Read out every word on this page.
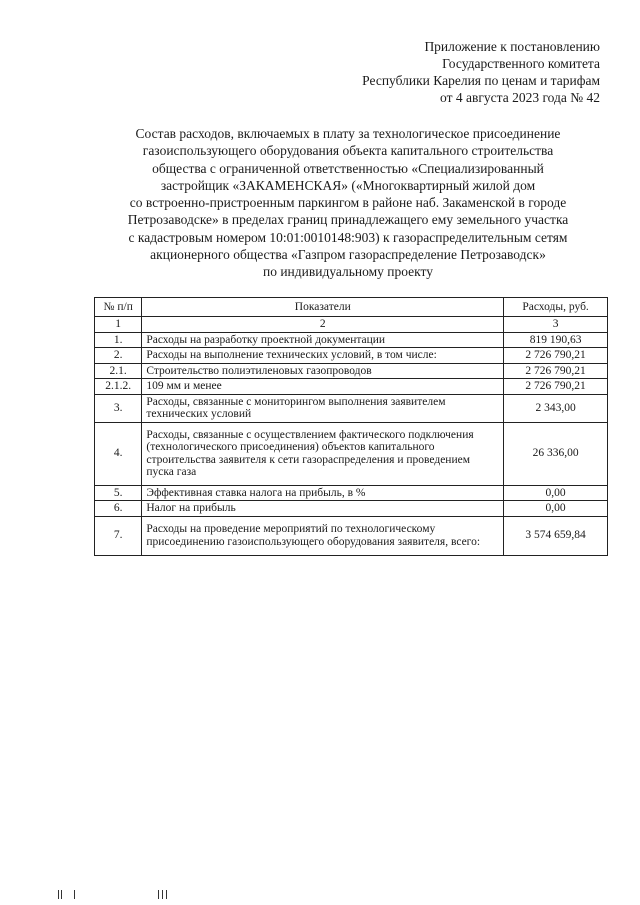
Приложение к постановлению
Государственного комитета
Республики Карелия по ценам и тарифам
от 4 августа 2023 года № 42
Состав расходов, включаемых в плату за технологическое присоединение
газоиспользующего оборудования объекта капитального строительства
общества с ограниченной ответственностью «Специализированный
застройщик «ЗАКАМЕНСКАЯ» («Многоквартирный жилой дом
со встроенно-пристроенным паркингом в районе наб. Закаменской в городе
Петрозаводске» в пределах границ принадлежащего ему земельного участка
с кадастровым номером 10:01:0010148:903) к газораспределительным сетям
акционерного общества «Газпром газораспределение Петрозаводск»
по индивидуальному проекту
№ п/п	Показатели	Расходы, руб.
1	2	3
1.	Расходы на разработку проектной документации	819 190,63
2.	Расходы на выполнение технических условий, в том числе:	2 726 790,21
2.1.	Строительство полиэтиленовых газопроводов	2 726 790,21
2.1.2.	109 мм и менее	2 726 790,21
3.	Расходы, связанные с мониторингом выполнения заявителем технических условий	2 343,00
4.	Расходы, связанные с осуществлением фактического подключения (технологического присоединения) объектов капитального строительства заявителя к сети газораспределения и проведением пуска газа	26 336,00
5.	Эффективная ставка налога на прибыль, в %	0,00
6.	Налог на прибыль	0,00
7.	Расходы на проведение мероприятий по технологическому присоединению газоиспользующего оборудования заявителя, всего:	3 574 659,84
